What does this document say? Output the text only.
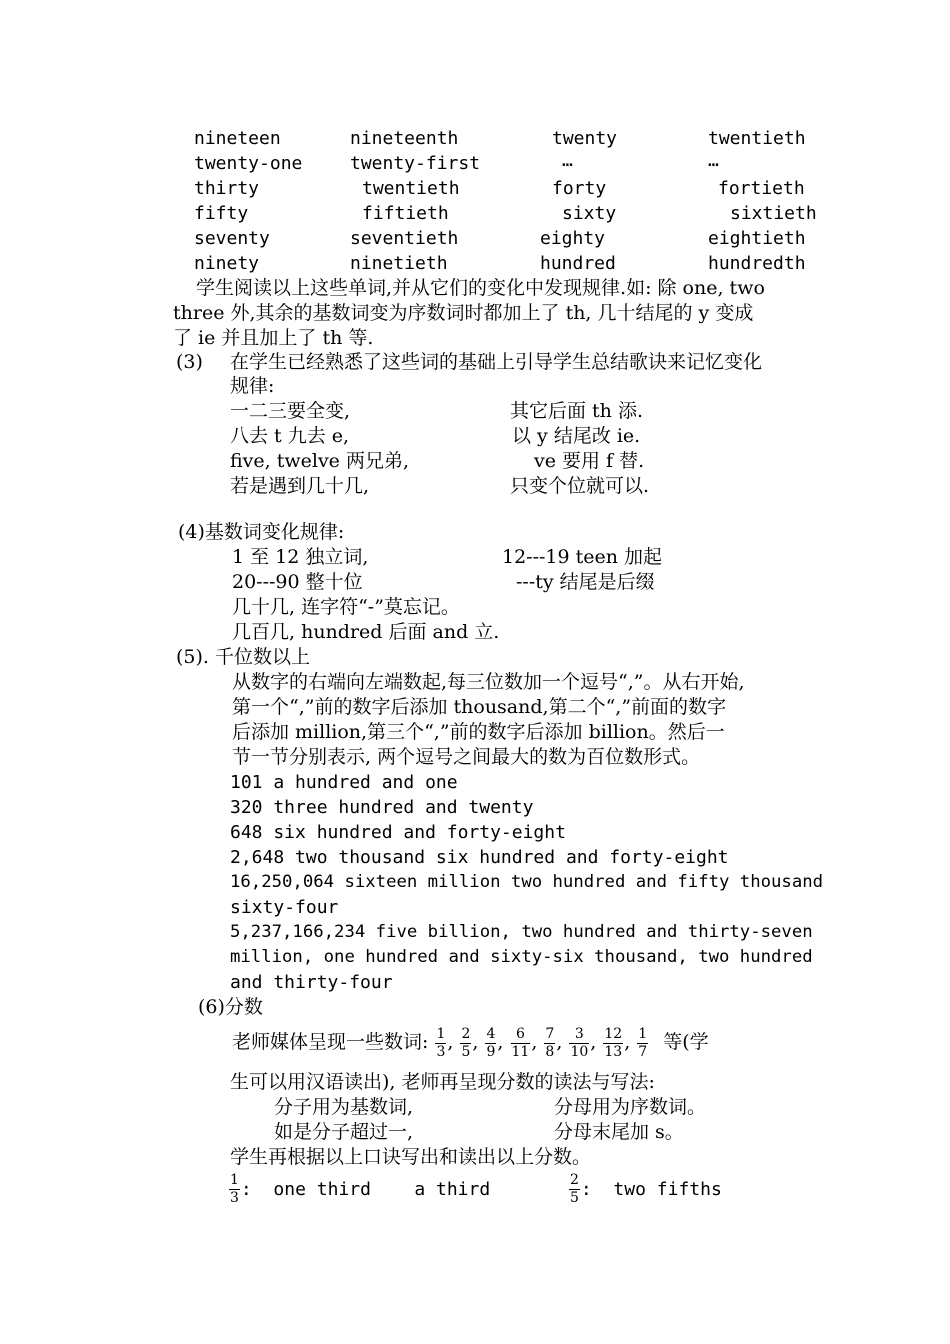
nineteen	nineteenth	twenty	twentieth
twenty-one	twenty-first	…	…
thirty	twentieth	forty	fortieth
fifty	fiftieth	sixty	sixtieth
seventy	seventieth	eighty	eightieth
ninety	ninetieth	hundred	hundredth
学生阅读以上这些单词,并从它们的变化中发现规律.如: 除 one, two
three 外,其余的基数词变为序数词时都加上了 th, 几十结尾的 y 变成
了 ie 并且加上了 th 等.
(3) 在学生已经熟悉了这些词的基础上引导学生总结歌诀来记忆变化
规律:
一二三要全变,	其它后面 th 添.
八去 t 九去 e,	以 y 结尾改 ie.
five, twelve 两兄弟,	ve 要用 f 替.
若是遇到几十几,	只变个位就可以.
(4)基数词变化规律:
1 至 12 独立词,	12---19 teen 加起
20---90 整十位	---ty 结尾是后缀
几十几, 连字符“-”莫忘记。
几百几, hundred 后面 and 立.
(5). 千位数以上
从数字的右端向左端数起,每三位数加一个逗号“,”。从右开始,
第一个“,”前的数字后添加 thousand,第二个“,”前面的数字
后添加 million,第三个“,”前的数字后添加 billion。然后一
节一节分别表示, 两个逗号之间最大的数为百位数形式。
101 a hundred and one
320 three hundred and twenty
648 six hundred and forty-eight
2,648 two thousand six hundred and forty-eight
16,250,064 sixteen million two hundred and fifty thousand
sixty-four
5,237,166,234 five billion, two hundred and thirty-seven
million, one hundred and sixty-six thousand, two hundred
and thirty-four
(6)分数
老师媒体呈现一些数词: $\frac{1}{3}$ , $\frac{2}{5}$ , $\frac{4}{9}$ , $\frac{6}{11}$ , $\frac{7}{8}$ , $\frac{3}{10}$ , $\frac{12}{13}$ , $\frac{1}{7}$ 等(学
生可以用汉语读出), 老师再呈现分数的读法与写法:
分子用为基数词,	分母用为序数词。
如是分子超过一,	分母末尾加 s。
学生再根据以上口诀写出和读出以上分数。
$\frac{1}{3}$ :  one third    a third	$\frac{2}{5}$ :  two fifths
